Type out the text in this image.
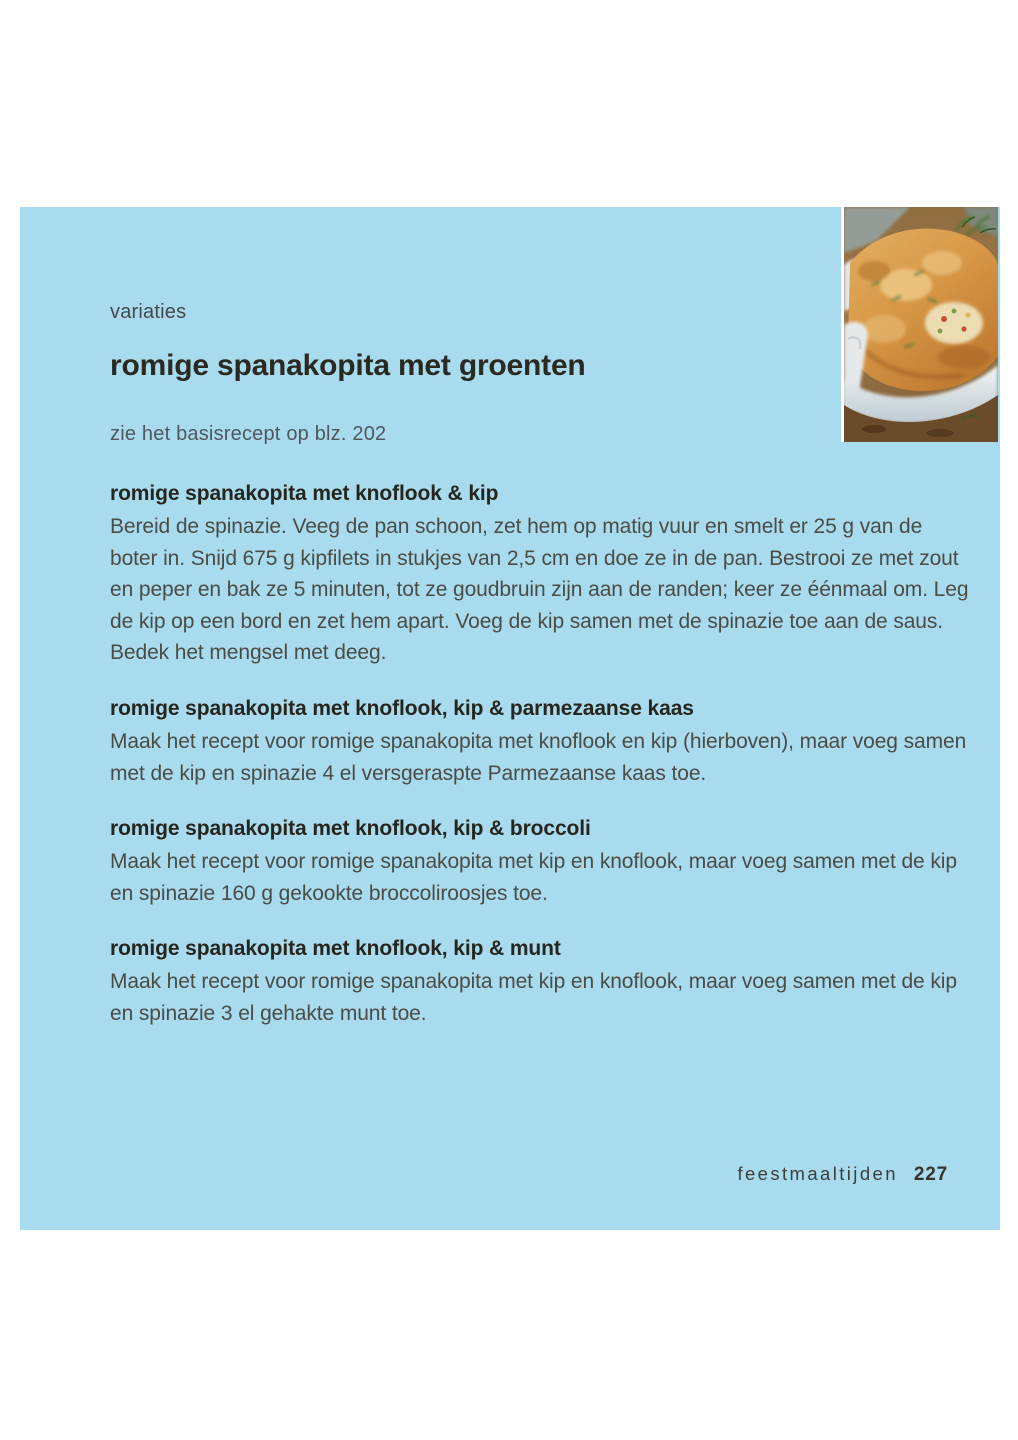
variaties
romige spanakopita met groenten
zie het basisrecept op blz. 202
romige spanakopita met knoflook & kip
Bereid de spinazie. Veeg de pan schoon, zet hem op matig vuur en smelt er 25 g van de
boter in. Snijd 675 g kipfilets in stukjes van 2,5 cm en doe ze in de pan. Bestrooi ze met zout
en peper en bak ze 5 minuten, tot ze goudbruin zijn aan de randen; keer ze éénmaal om. Leg
de kip op een bord en zet hem apart. Voeg de kip samen met de spinazie toe aan de saus.
Bedek het mengsel met deeg.
romige spanakopita met knoflook, kip & parmezaanse kaas
Maak het recept voor romige spanakopita met knoflook en kip (hierboven), maar voeg samen
met de kip en spinazie 4 el versgeraspte Parmezaanse kaas toe.
romige spanakopita met knoflook, kip & broccoli
Maak het recept voor romige spanakopita met kip en knoflook, maar voeg samen met de kip
en spinazie 160 g gekookte broccoliroosjes toe.
romige spanakopita met knoflook, kip & munt
Maak het recept voor romige spanakopita met kip en knoflook, maar voeg samen met de kip
en spinazie 3 el gehakte munt toe.
feestmaaltijden 227
